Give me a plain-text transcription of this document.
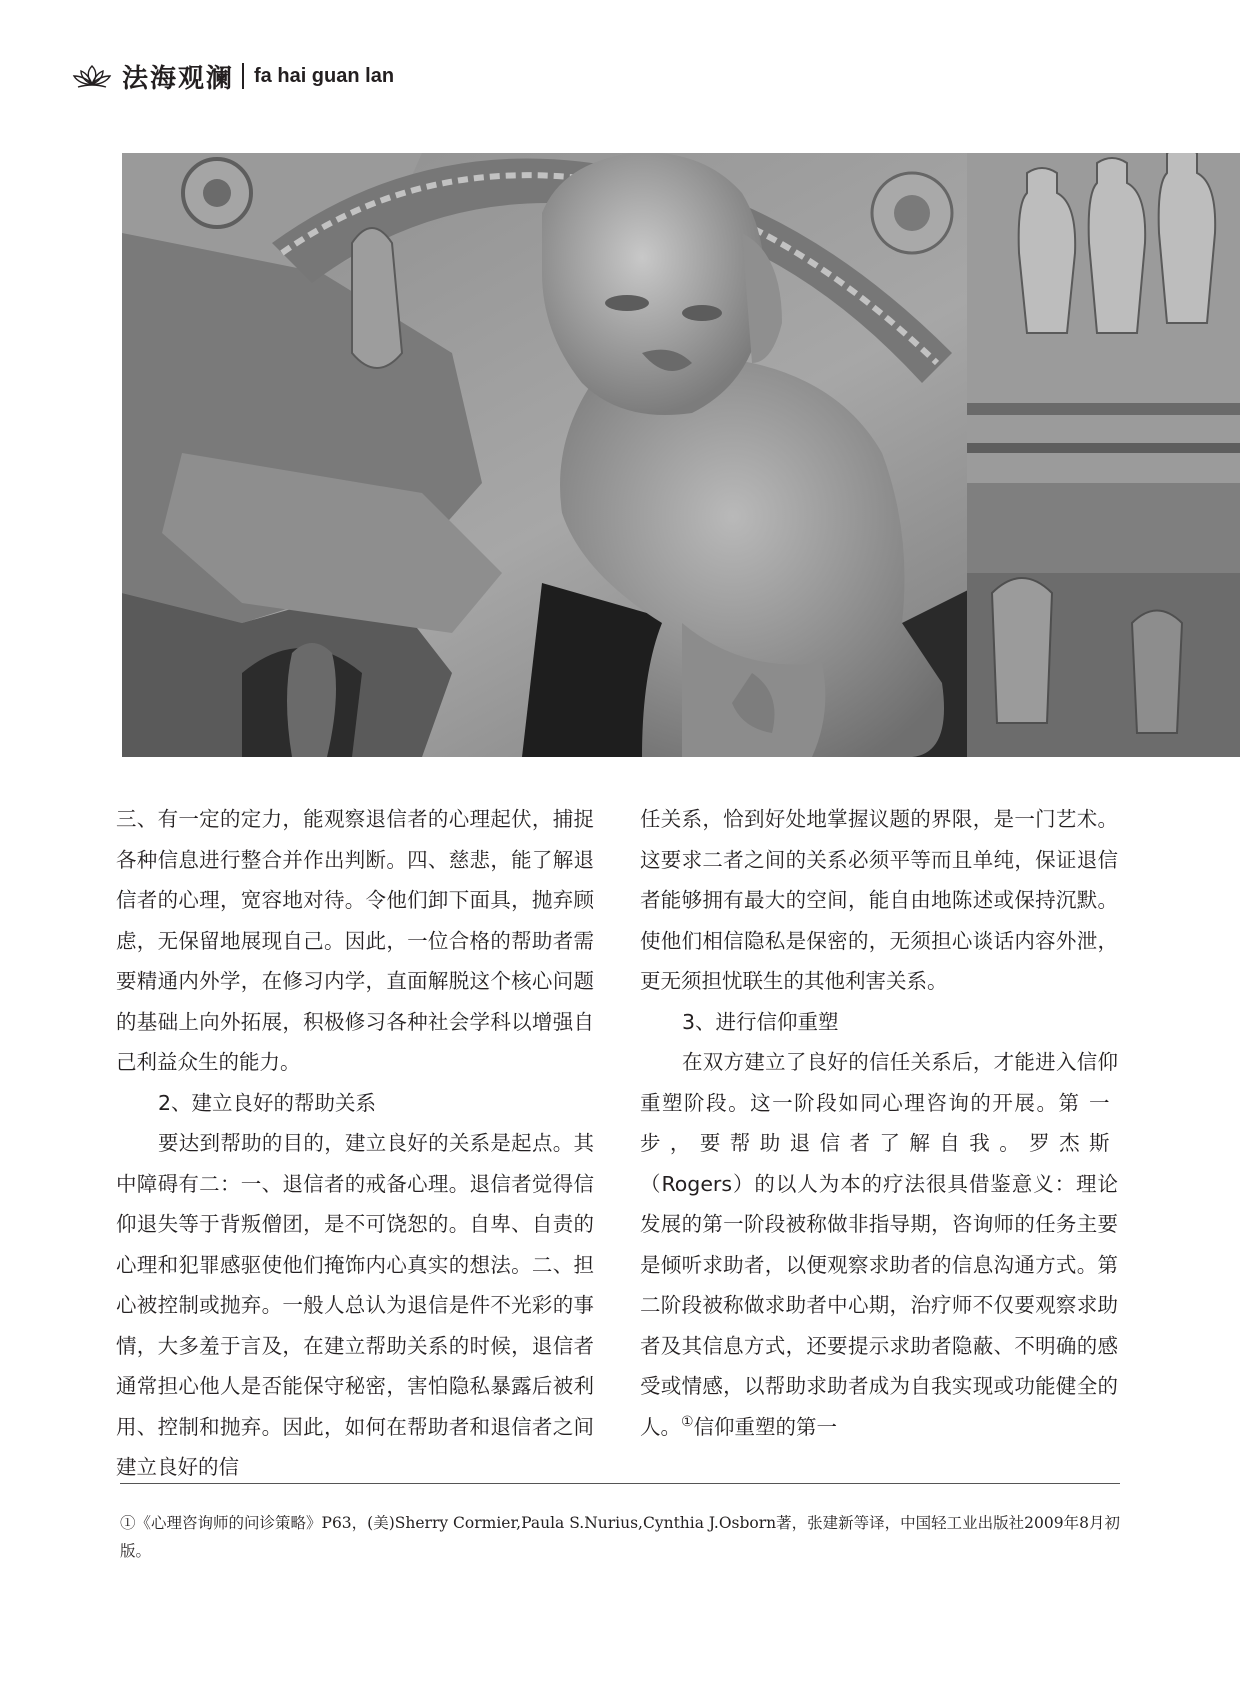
法海观澜 fa hai guan lan

三、有一定的定力，能观察退信者的心理起伏，捕捉各种信息进行整合并作出判断。四、慈悲，能了解退信者的心理，宽容地对待。令他们卸下面具，抛弃顾虑，无保留地展现自己。因此，一位合格的帮助者需要精通内外学，在修习内学，直面解脱这个核心问题的基础上向外拓展，积极修习各种社会学科以增强自己利益众生的能力。

2、建立良好的帮助关系

要达到帮助的目的，建立良好的关系是起点。其中障碍有二：一、退信者的戒备心理。退信者觉得信仰退失等于背叛僧团，是不可饶恕的。自卑、自责的心理和犯罪感驱使他们掩饰内心真实的想法。二、担心被控制或抛弃。一般人总认为退信是件不光彩的事情，大多羞于言及，在建立帮助关系的时候，退信者通常担心他人是否能保守秘密，害怕隐私暴露后被利用、控制和抛弃。因此，如何在帮助者和退信者之间建立良好的信

任关系，恰到好处地掌握议题的界限，是一门艺术。这要求二者之间的关系必须平等而且单纯，保证退信者能够拥有最大的空间，能自由地陈述或保持沉默。使他们相信隐私是保密的，无须担心谈话内容外泄，更无须担忧联生的其他利害关系。

3、进行信仰重塑

在双方建立了良好的信任关系后，才能进入信仰重塑阶段。这一阶段如同心理咨询的开展。第一步，要帮助退信者了解自我。罗杰斯（Rogers）的以人为本的疗法很具借鉴意义：理论发展的第一阶段被称做非指导期，咨询师的任务主要是倾听求助者，以便观察求助者的信息沟通方式。第二阶段被称做求助者中心期，治疗师不仅要观察求助者及其信息方式，还要提示求助者隐蔽、不明确的感受或情感，以帮助求助者成为自我实现或功能健全的人。①信仰重塑的第一

①《心理咨询师的问诊策略》P63，(美)Sherry Cormier,Paula S.Nurius,Cynthia J.Osborn著，张建新等译，中国轻工业出版社2009年8月初版。
